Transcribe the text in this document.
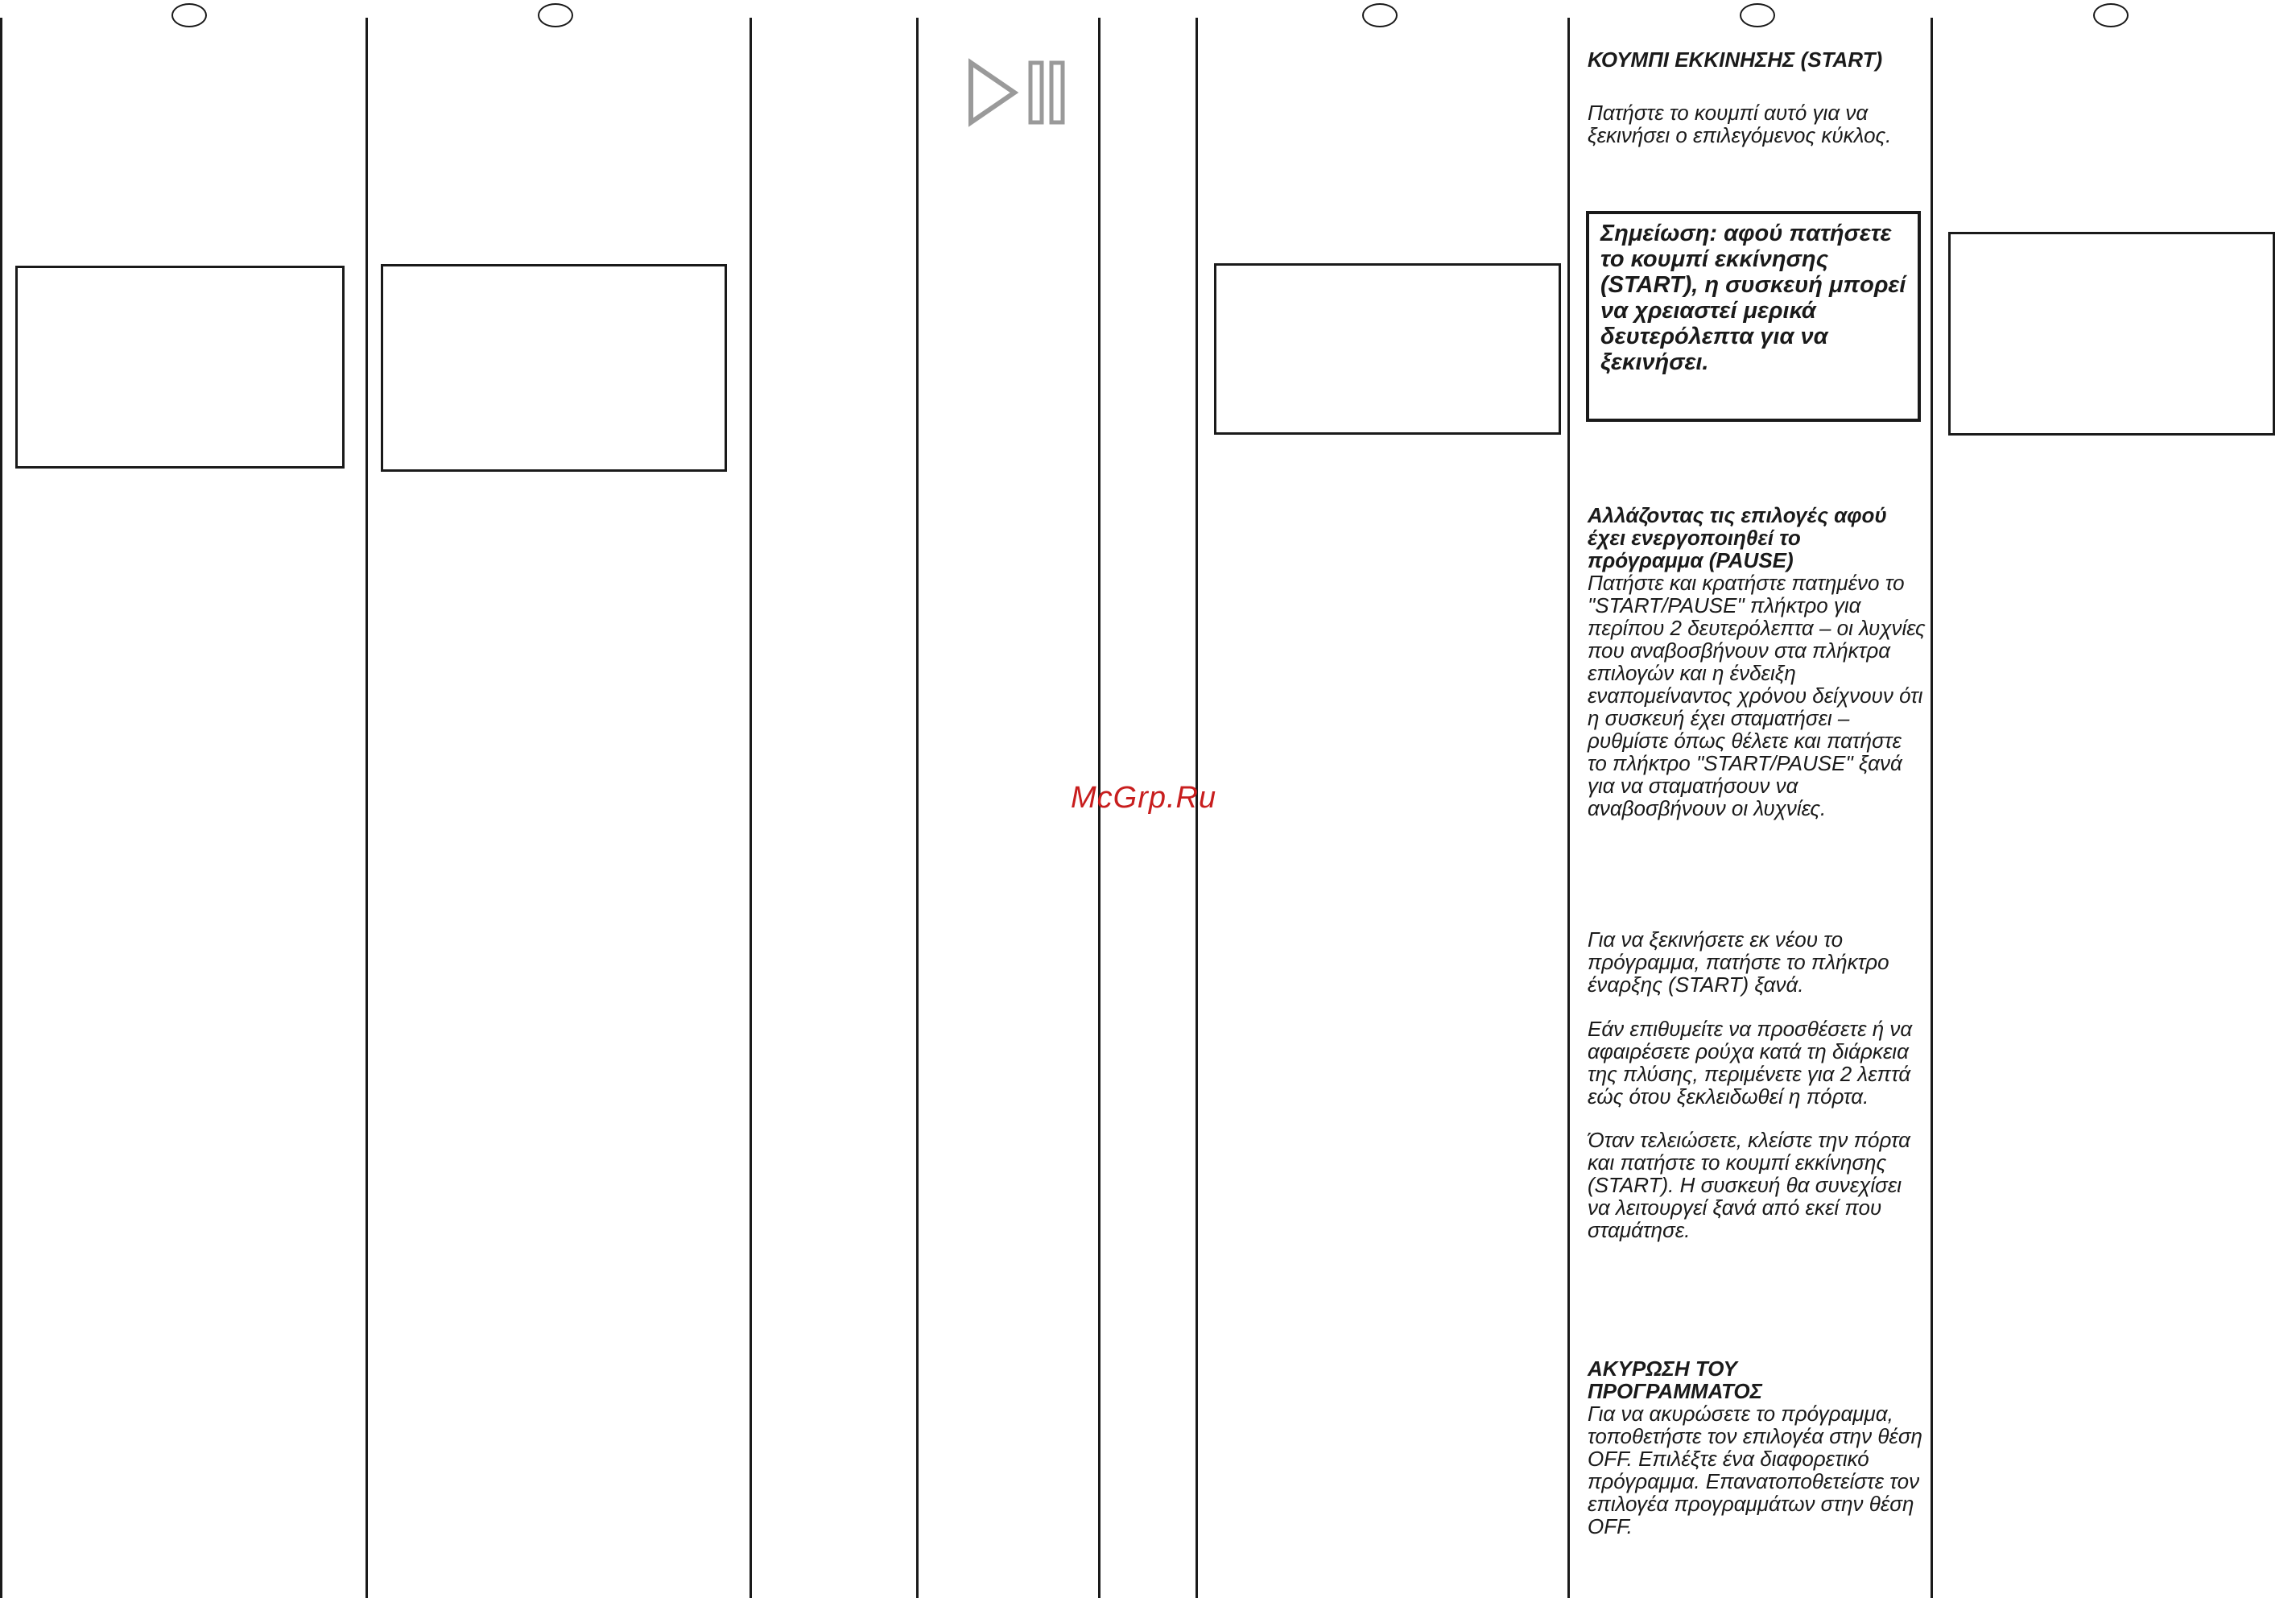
ΚΟΥΜΠΙ ΕΚΚΙΝΗΣΗΣ (START)
Πατήστε το κουμπί αυτό για να ξεκινήσει ο επιλεγόμενος κύκλος.
Σημείωση: αφού πατήσετε το κουμπί εκκίνησης (START), η συσκευή μπορεί να χρειαστεί μερικά δευτερόλεπτα για να ξεκινήσει.
Αλλάζοντας τις επιλογές αφού έχει ενεργοποιηθεί το πρόγραμμα (PAUSE)
Πατήστε και κρατήστε πατημένο το "START/PAUSE" πλήκτρο για περίπου 2 δευτερόλεπτα – οι λυχνίες που αναβοσβήνουν στα πλήκτρα επιλογών και η ένδειξη εναπομείναντος χρόνου δείχνουν ότι η συσκευή έχει σταματήσει – ρυθμίστε όπως θέλετε και πατήστε το πλήκτρο "START/PAUSE" ξανά για να σταματήσουν να αναβοσβήνουν οι λυχνίες.
Για να ξεκινήσετε εκ νέου το πρόγραμμα, πατήστε το πλήκτρο έναρξης (START) ξανά.
Εάν επιθυμείτε να προσθέσετε ή να αφαιρέσετε ρούχα κατά τη διάρκεια της πλύσης, περιμένετε για 2 λεπτά εώς ότου ξεκλειδωθεί η πόρτα.
Όταν τελειώσετε, κλείστε την πόρτα και πατήστε το κουμπί εκκίνησης (START). Η συσκευή θα συνεχίσει να λειτουργεί ξανά από εκεί που σταμάτησε.
ΑΚΥΡΩΣΗ ΤΟΥ ΠΡΟΓΡΑΜΜΑΤΟΣ
Για να ακυρώσετε το πρόγραμμα, τοποθετήστε τον επιλογέα στην θέση OFF. Επιλέξτε ένα διαφορετικό πρόγραμμα. Επανατοποθετείστε τον επιλογέα προγραμμάτων στην θέση OFF.
McGrp.Ru
